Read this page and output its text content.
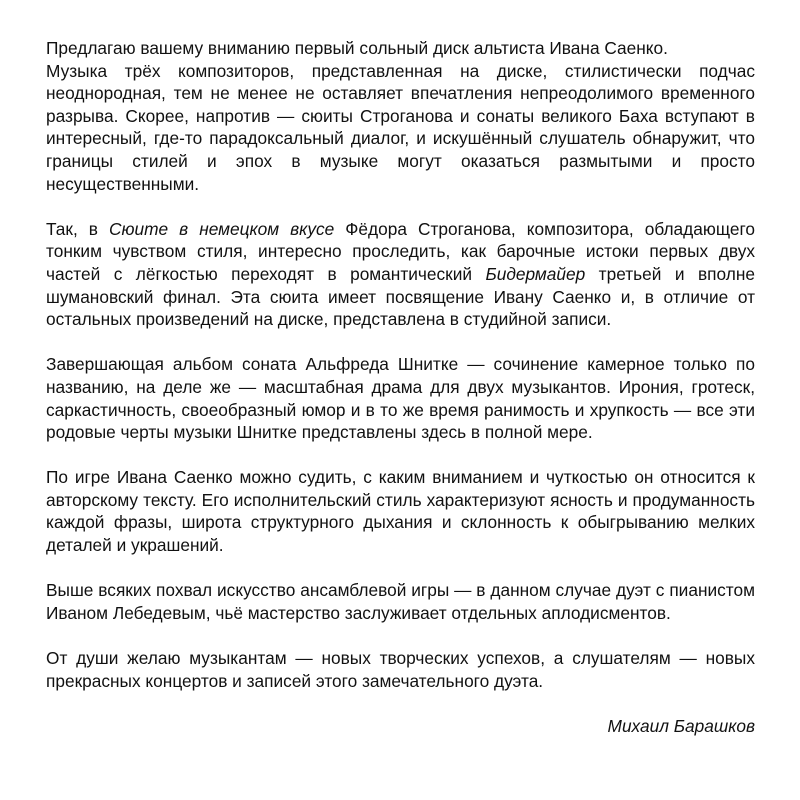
Предлагаю вашему вниманию первый сольный диск альтиста Ивана Саенко.
Музыка трёх композиторов, представленная на диске, стилистически подчас неоднородная, тем не менее не оставляет впечатления непреодолимого временного разрыва. Скорее, напротив — сюиты Строганова и сонаты великого Баха вступают в интересный, где-то парадоксальный диалог, и искушённый слушатель обнаружит, что границы стилей и эпох в музыке могут оказаться размытыми и просто несущественными.

Так, в Сюите в немецком вкусе Фёдора Строганова, композитора, обладающего тонким чувством стиля, интересно проследить, как барочные истоки первых двух частей с лёгкостью переходят в романтический Бидермайер третьей и вполне шумановский финал. Эта сюита имеет посвящение Ивану Саенко и, в отличие от остальных произведений на диске, представлена в студийной записи.

Завершающая альбом соната Альфреда Шнитке — сочинение камерное только по названию, на деле же — масштабная драма для двух музыкантов. Ирония, гротеск, саркастичность, своеобразный юмор и в то же время ранимость и хрупкость — все эти родовые черты музыки Шнитке представлены здесь в полной мере.

По игре Ивана Саенко можно судить, с каким вниманием и чуткостью он относится к авторскому тексту. Его исполнительский стиль характеризуют ясность и продуманность каждой фразы, широта структурного дыхания и склонность к обыгрыванию мелких деталей и украшений.

Выше всяких похвал искусство ансамблевой игры — в данном случае дуэт с пианистом Иваном Лебедевым, чьё мастерство заслуживает отдельных аплодисментов.

От души желаю музыкантам — новых творческих успехов, а слушателям — новых прекрасных концертов и записей этого замечательного дуэта.

Михаил Барашков
